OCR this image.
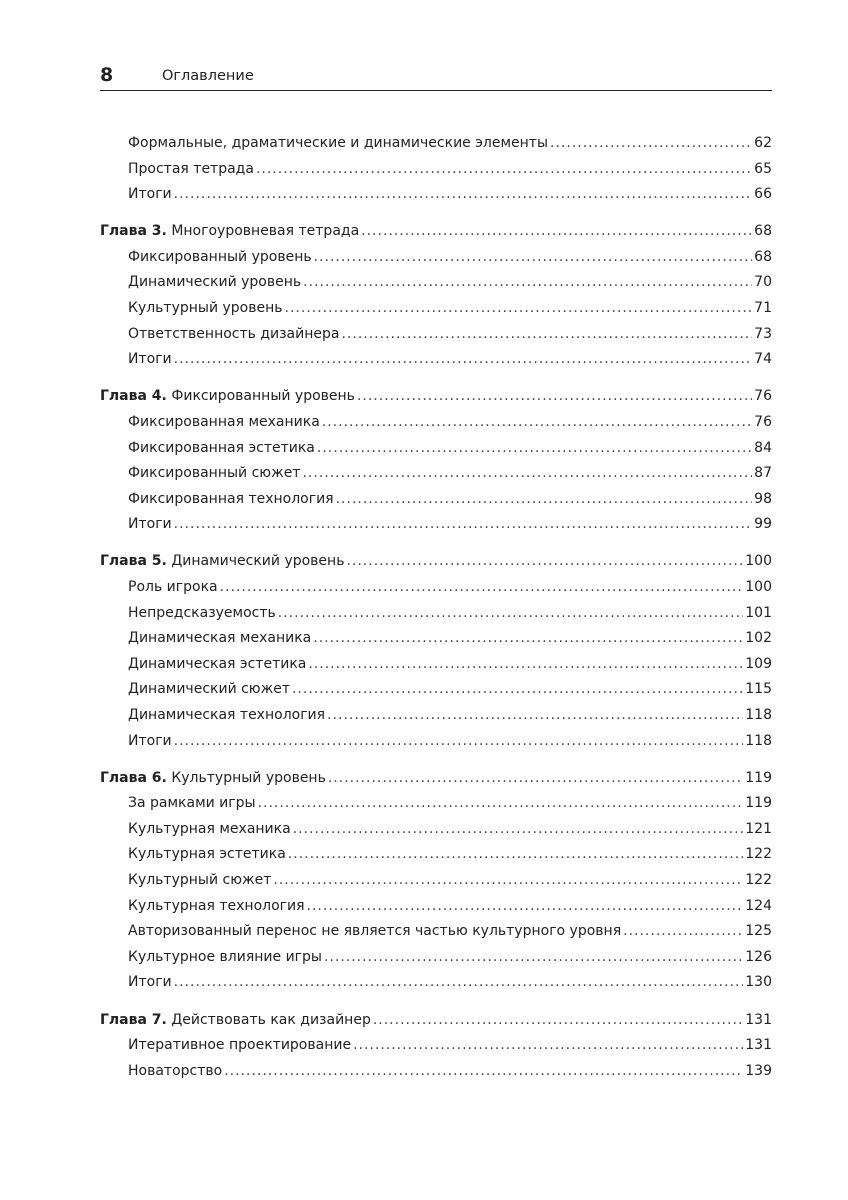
8	Оглавление
Формальные, драматические и динамические элементы .....	62
Простая тетрада .....	65
Итоги .....	66
Глава 3. Многоуровневая тетрада .....	68
Фиксированный уровень .....	68
Динамический уровень .....	70
Культурный уровень .....	71
Ответственность дизайнера .....	73
Итоги .....	74
Глава 4. Фиксированный уровень .....	76
Фиксированная механика .....	76
Фиксированная эстетика .....	84
Фиксированный сюжет .....	87
Фиксированная технология .....	98
Итоги .....	99
Глава 5. Динамический уровень .....	100
Роль игрока .....	100
Непредсказуемость .....	101
Динамическая механика .....	102
Динамическая эстетика .....	109
Динамический сюжет .....	115
Динамическая технология .....	118
Итоги .....	118
Глава 6. Культурный уровень .....	119
За рамками игры .....	119
Культурная механика .....	121
Культурная эстетика .....	122
Культурный сюжет .....	122
Культурная технология .....	124
Авторизованный перенос не является частью культурного уровня .....	125
Культурное влияние игры .....	126
Итоги .....	130
Глава 7. Действовать как дизайнер .....	131
Итеративное проектирование .....	131
Новаторство .....	139
